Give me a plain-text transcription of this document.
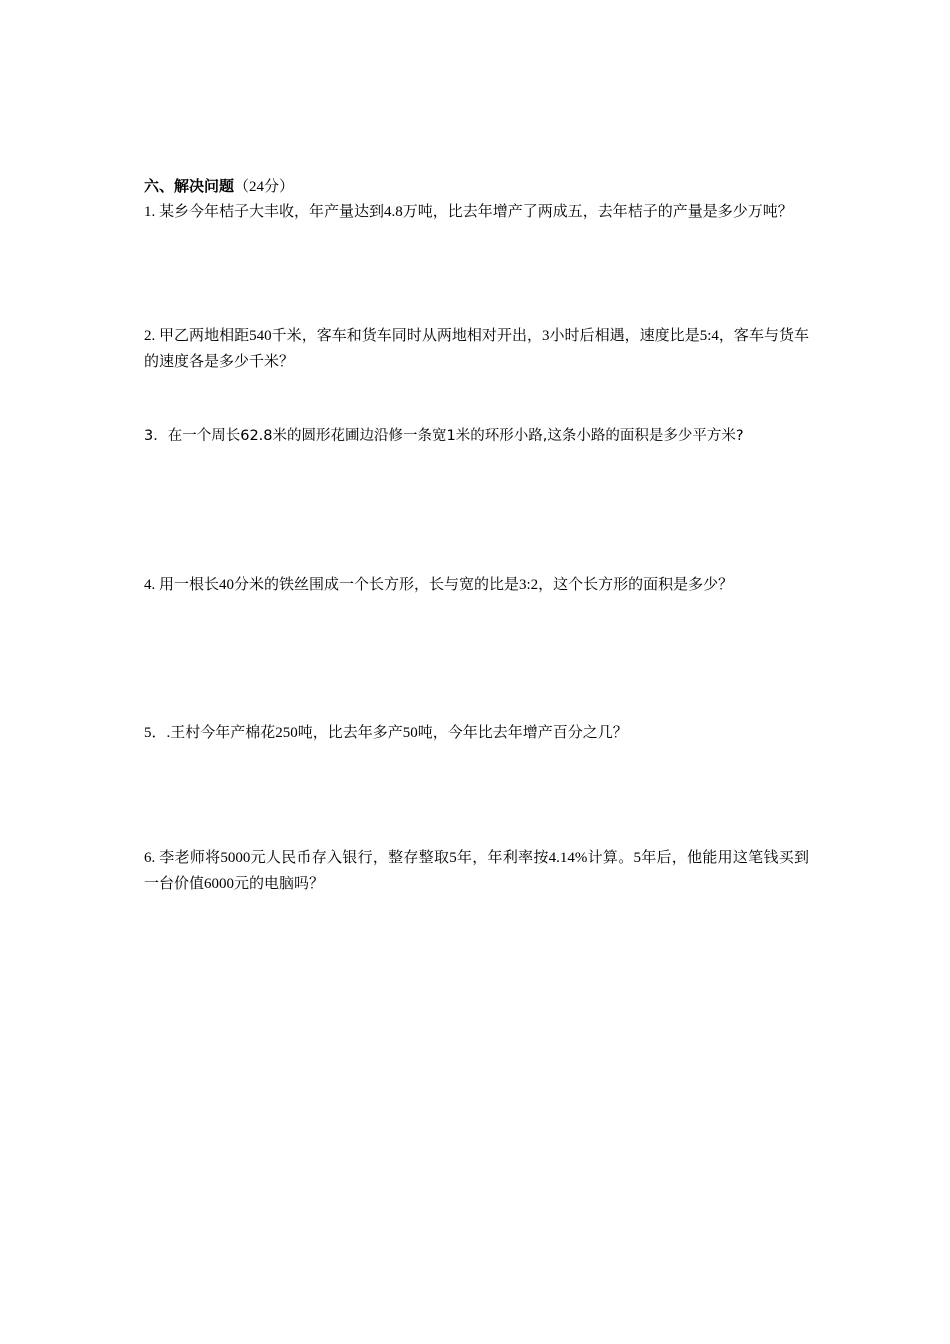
六、解决问题（24分）
1. 某乡今年桔子大丰收，年产量达到4.8万吨，比去年增产了两成五，去年桔子的产量是多少万吨？
2. 甲乙两地相距540千米，客车和货车同时从两地相对开出，3小时后相遇，速度比是5:4，客车与货车的速度各是多少千米？
3．在一个周长62.8米的圆形花圃边沿修一条宽1米的环形小路,这条小路的面积是多少平方米?
4. 用一根长40分米的铁丝围成一个长方形，长与宽的比是3:2，这个长方形的面积是多少？
5．.王村今年产棉花250吨，比去年多产50吨，今年比去年增产百分之几？
6. 李老师将5000元人民币存入银行，整存整取5年，年利率按4.14%计算。5年后，他能用这笔钱买到一台价值6000元的电脑吗？
